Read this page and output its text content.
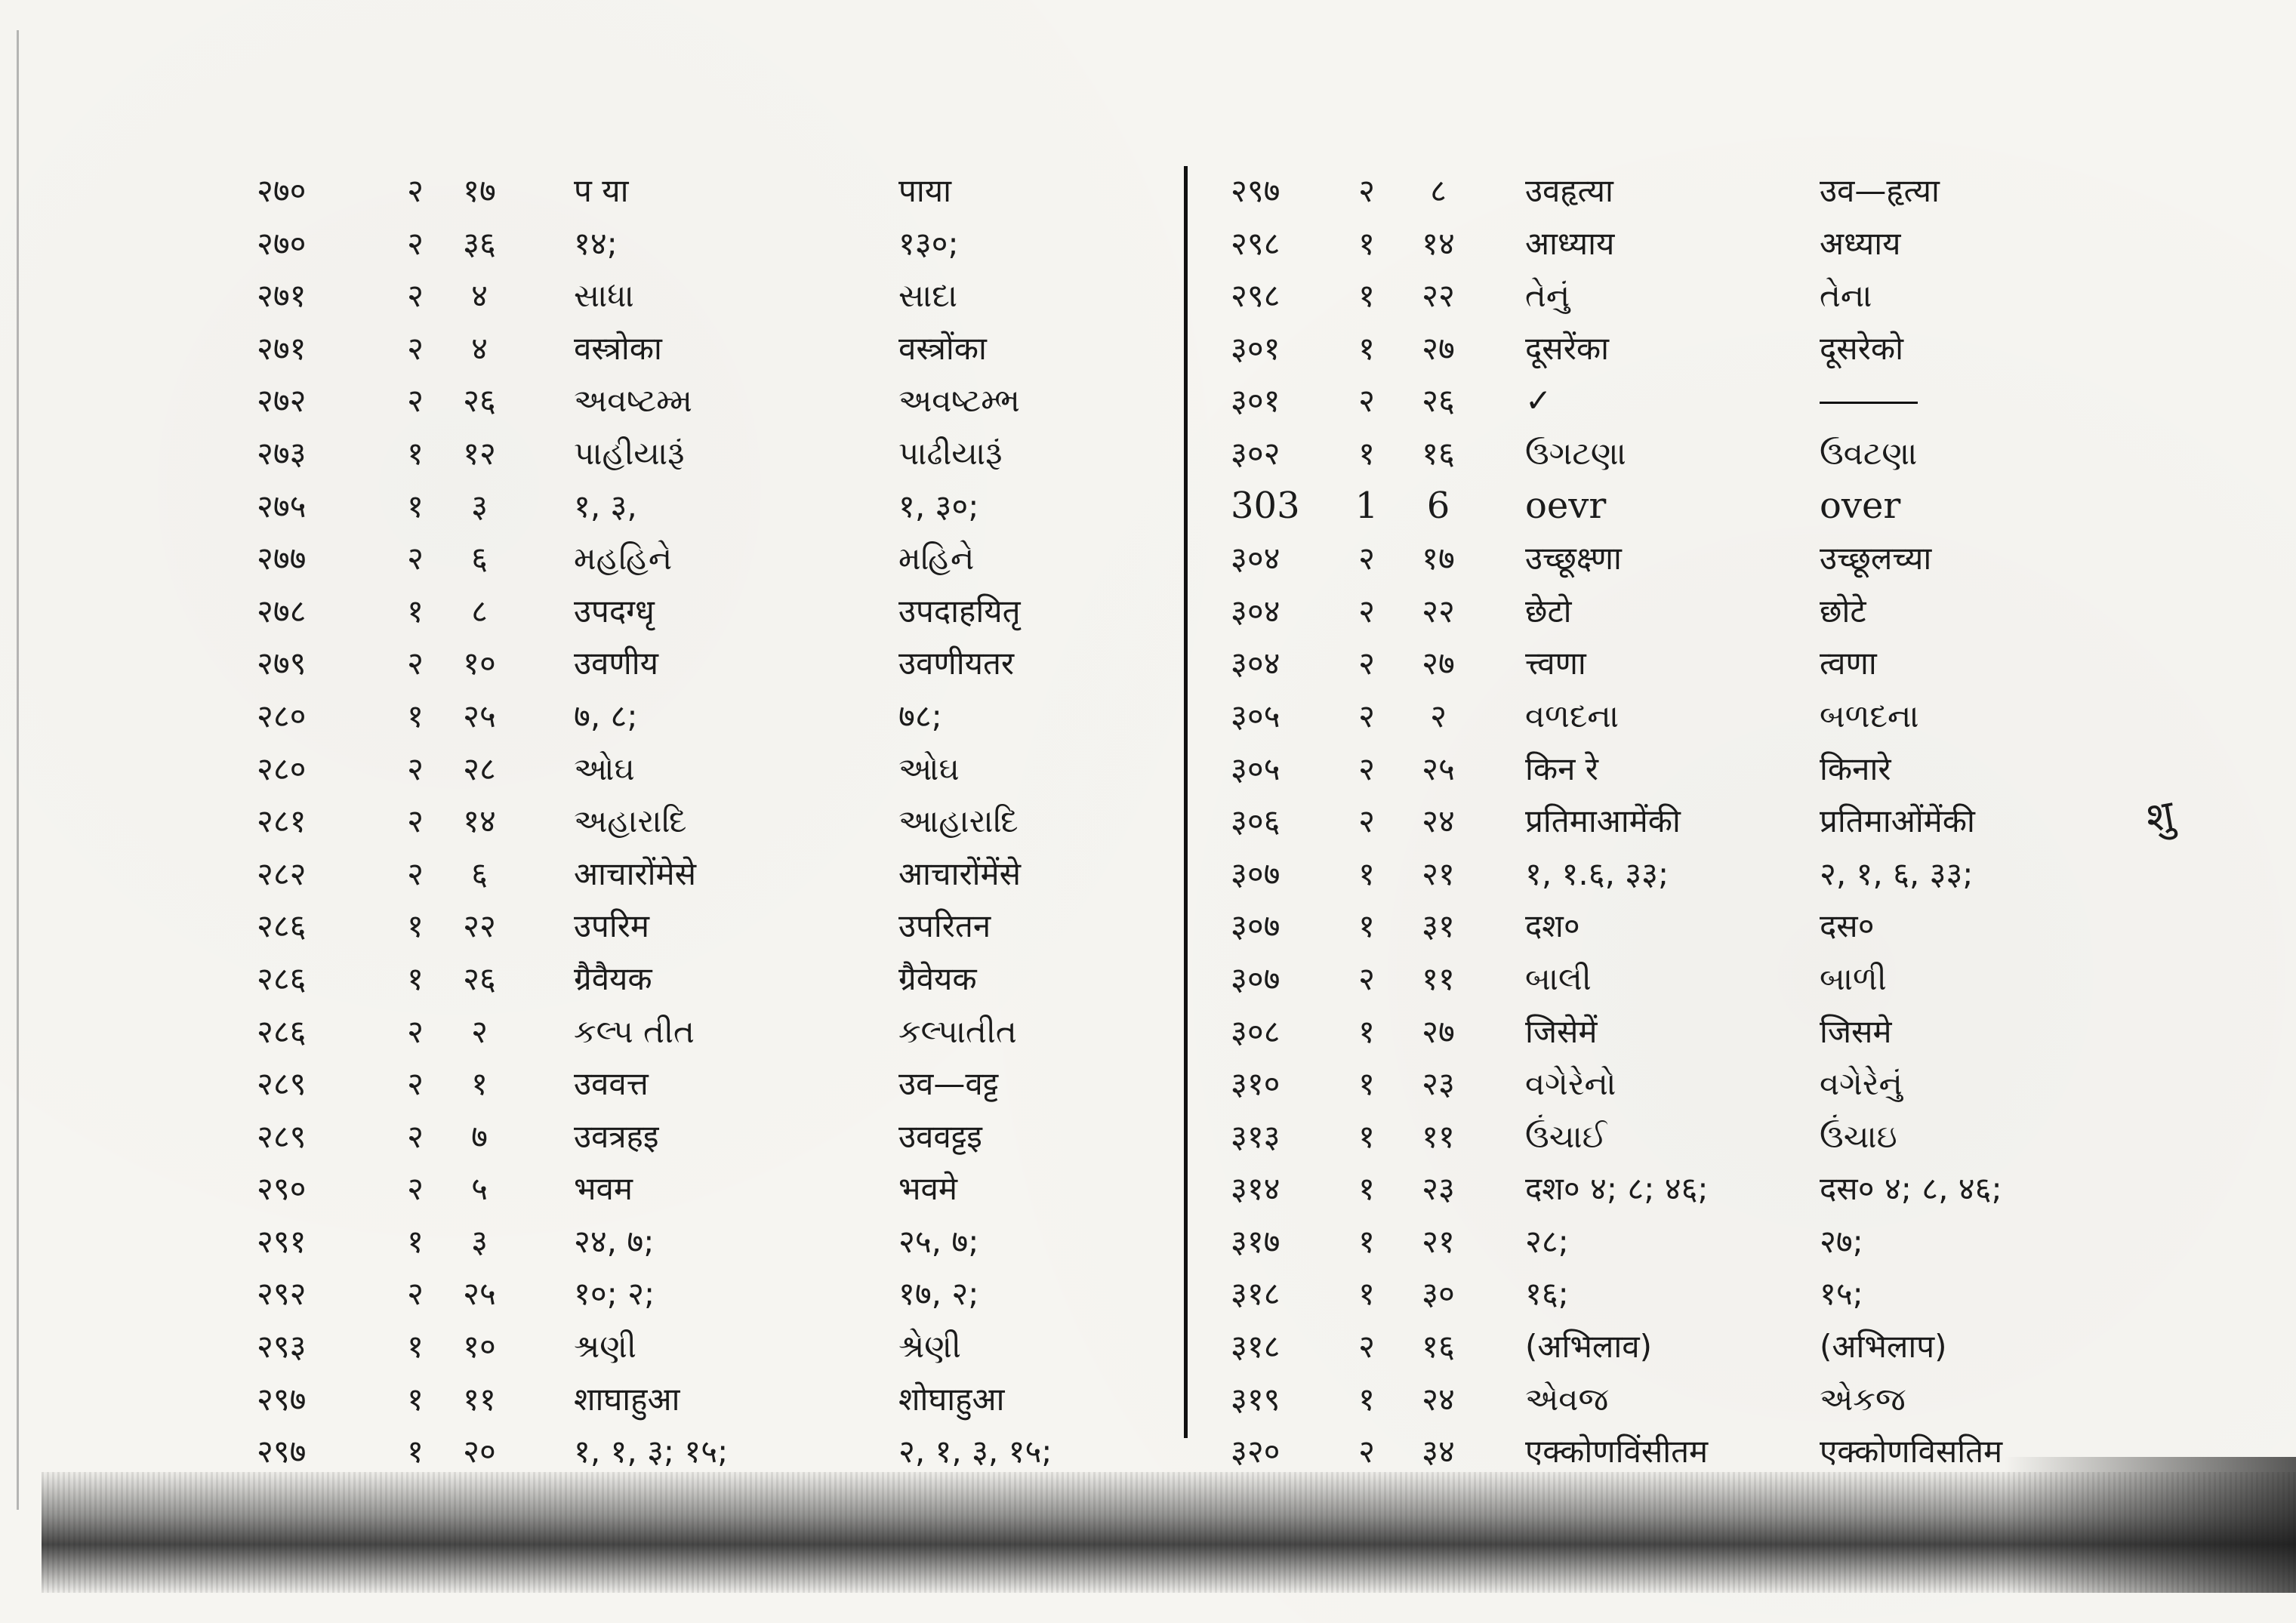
२७०	२	१७	प या	पाया
२७०	२	३६	१४;	१३०;
२७१	२	४	સાધા	સાદા
२७१	२	४	वस्त्रोका	वस्त्रोंका
२७२	२	२६	અવષ્ટમ્મ	અવષ્ટમ્ભ
२७३	१	१२	પાહીયારૂં	પાઢીયારૂં
२७५	१	३	१, ३,	१, ३०;
२७७	२	६	મહહિને	મહિને
२७८	१	८	उपदग्धृ	उपदाहयितृ
२७९	२	१०	उवणीय	उवणीयतर
२८०	१	२५	७, ८;	७८;
२८०	२	२८	ઓઘ	ઓઘ
२८१	२	१४	અહારાદિ	આહારાદિ
२८२	२	६	आचारोंमेसे	आचारोंमेंसे
२८६	१	२२	उपरिम	उपरितन
२८६	१	२६	ग्रैवैयक	ग्रैवेयक
२८६	२	२	કલ્પ તીત	કલ્પાતીત
२८९	२	१	उववत्त	उव—वट्ट
२८९	२	७	उवत्रहइ	उववट्टइ
२९०	२	५	भवम	भवमे
२९१	१	३	२४, ७;	२५, ७;
२९२	२	२५	१०; २;	१७, २;
२९३	१	१०	શ્રણી	શ્રેણી
२९७	१	११	शाघाहुआ	शोघाहुआ
२९७	१	२०	१, १, ३; १५;	२, १, ३, १५;
२९७	२	८	उवहृत्या	उव—हृत्या
२९८	१	१४	आध्याय	अध्याय
२९८	१	२२	તેનું	તેના
३०१	१	२७	दूसरेंका	दूसरेको
३०१	२	२६	✓
३०२	१	१६	ઉગટણા	ઉવટણા
303	1	6	oevr	over
३०४	२	१७	उच्छूक्ष्णा	उच्छूलच्या
३०४	२	२२	छेटो	छोटे
३०४	२	२७	त्त्वणा	त्वणा
३०५	२	२	વળદના	બળદના
३०५	२	२५	किन रे	किनारे
३०६	२	२४	प्रतिमाआमेंकी	प्रतिमाओंमेंकी
३०७	१	२१	१, १.६, ३३;	२, १, ६, ३३;
३०७	१	३१	दश०	दस०
३०७	२	११	બાલી	બાળી
३०८	१	२७	जिसेमें	जिसमे
३१०	१	२३	વગેરેનો	વગેરેનું
३१३	१	११	ઉંચાઈ	ઉંચાઇ
३१४	१	२३	दश० ४; ८; ४६;	दस० ४; ८, ४६;
३१७	१	२१	२८;	२७;
३१८	१	३०	१६;	१५;
३१८	२	१६	(अभिलाव)	(अभिलाप)
३१९	१	२४	એવજ	એકજ
३२०	२	३४	एक्कोणविंसीतम	एक्कोणविसतिम
शु
